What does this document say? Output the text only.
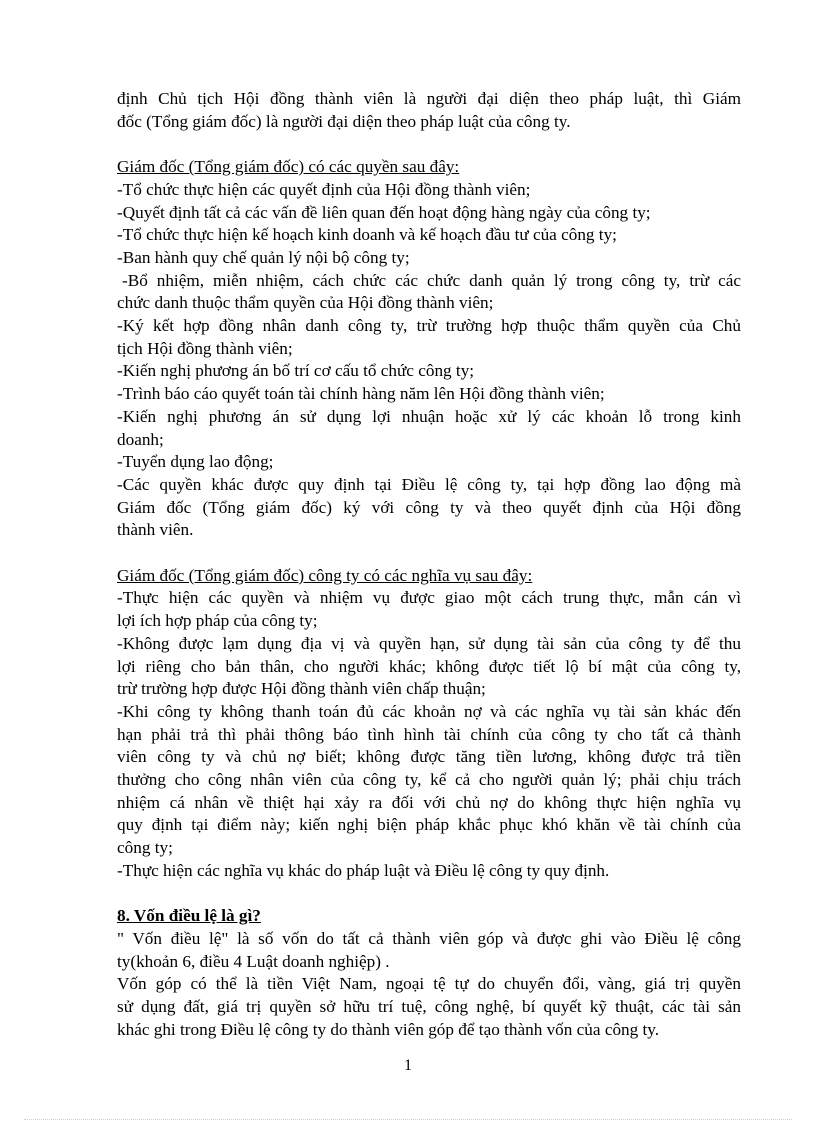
định Chủ tịch Hội đồng thành viên là người đại diện theo pháp luật, thì Giám

đốc (Tổng giám đốc) là người đại diện theo pháp luật của công ty.

Giám đốc (Tổng giám đốc) có các quyền sau đây:

-Tổ chức thực hiện các quyết định của Hội đồng thành viên;

-Quyết định tất cả các vấn đề liên quan đến hoạt động hàng ngày của công ty;

-Tổ chức thực hiện kế hoạch kinh doanh và kế hoạch đầu tư của công ty;

-Ban hành quy chế quản lý nội bộ công ty;

-Bổ nhiệm, miễn nhiệm, cách chức các chức danh quản lý trong công ty, trừ các

chức danh thuộc thẩm quyền của Hội đồng thành viên;

-Ký kết hợp đồng nhân danh công ty, trừ trường hợp thuộc thẩm quyền của Chủ

tịch Hội đồng thành viên;

-Kiến nghị phương án bố trí cơ cấu tổ chức công ty;

-Trình báo cáo quyết toán tài chính hàng năm lên Hội đồng thành viên;

-Kiến nghị phương án sử dụng lợi nhuận hoặc xử lý các khoản lỗ trong kinh

doanh;

-Tuyển dụng lao động;

-Các quyền khác được quy định tại Điều lệ công ty, tại hợp đồng lao động mà

Giám đốc (Tổng giám đốc) ký với công ty và theo quyết định của Hội đồng

thành viên.

Giám đốc (Tổng giám đốc) công ty có các nghĩa vụ sau đây:

-Thực hiện các quyền và nhiệm vụ được giao một cách trung thực, mẫn cán vì

lợi ích hợp pháp của công ty;

-Không được lạm dụng địa vị và quyền hạn, sử dụng tài sản của công ty để thu

lợi riêng cho bản thân, cho người khác; không được tiết lộ bí mật của công ty,

trừ trường hợp được Hội đồng thành viên chấp thuận;

-Khi công ty không thanh toán đủ các khoản nợ và các nghĩa vụ tài sản khác đến

hạn phải trả thì phải thông báo tình hình tài chính của công ty cho tất cả thành

viên công ty và chủ nợ biết; không được tăng tiền lương, không được trả tiền

thưởng cho công nhân viên của công ty, kể cả cho người quản lý; phải chịu trách

nhiệm cá nhân về thiệt hại xảy ra đối với chủ nợ do không thực hiện nghĩa vụ

quy định tại điểm này; kiến nghị biện pháp khắc phục khó khăn về tài chính của

công ty;

-Thực hiện các nghĩa vụ khác do pháp luật và Điều lệ công ty quy định.

8. Vốn điều lệ là gì?

" Vốn điều lệ" là số vốn do tất cả thành viên góp và được ghi vào Điều lệ công

ty(khoản 6, điều 4 Luật doanh nghiệp) .

Vốn góp có thể là tiền Việt Nam, ngoại tệ tự do chuyển đổi, vàng, giá trị quyền

sử dụng đất, giá trị quyền sở hữu trí tuệ, công nghệ, bí quyết kỹ thuật, các tài sản

khác ghi trong Điều lệ công ty do thành viên góp để tạo thành vốn của công ty.

1
